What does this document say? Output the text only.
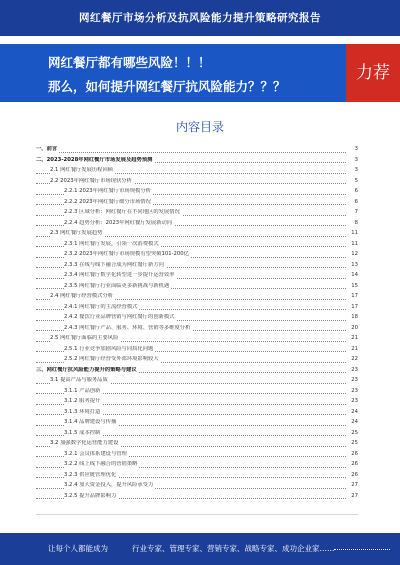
网红餐厅市场分析及抗风险能力提升策略研究报告
网红餐厅都有哪些风险！！！
那么，如何提升网红餐厅抗风险能力？？？
力荐
内容目录
一、前言	3
二、2023-2028年网红餐厅市场发展及趋势预测	3
2.1 网红餐厅发展历程回顾	3
2.2 2023年网红餐厅市场现状分析	5
2.2.1 2023年网红餐厅市场规模分析	6
2.2.2 2023年网红餐厅细分市场情况	6
2.2.3 区域分析：网红餐厅在不同地区的发展情况	7
2.2.4 趋势分析：2023年网红餐厅发展新动向	8
2.3 网红餐厅发展趋势	11
2.3.1 网红餐厅发展，引领一次消费模式	11
2.3.2 2023年网红餐厅市场规模有望突破101-200亿	12
2.3.3 在线与线下融合成为网红餐厅新方向	13
2.3.4 网红餐厅数字化转型进一步提升运营效率	14
2.3.5 网红餐厅行业面临更多新挑战与新机遇	15
2.4 网红餐厅经营模式分析	17
2.4.1 网红餐厅的主流经营模式	17
2.4.2 餐饮行业品牌营销与网红餐厅的创新模式	18
2.4.3 网红餐厅产品、服务、环境、营销等多维度分析	20
2.5 网红餐厅面临的主要风险	21
2.5.1 行业竞争加剧风险与同质化问题	21
2.5.2 网红餐厅经营受外部环境影响较大	22
三、网红餐厅抗风险能力提升的策略与建议	23
3.1 提高产品与服务品质	23
3.1.1 产品创新	23
3.1.2 服务提升	23
3.1.3 环境打造	24
3.1.4 品牌建设与传播	24
3.1.5 成本控制	25
3.2 加强数字化运营能力建设	25
3.2.1 会员体系建设与管理	26
3.2.2 线上线下融合的营销策略	26
3.2.3 供应链管理优化	26
3.2.4 加大资金投入，提升风险承受力	27
3.2.5 提升品牌影响力	27
让每个人都能成为	行业专家、管理专家、营销专家、战略专家、成功企业家……
